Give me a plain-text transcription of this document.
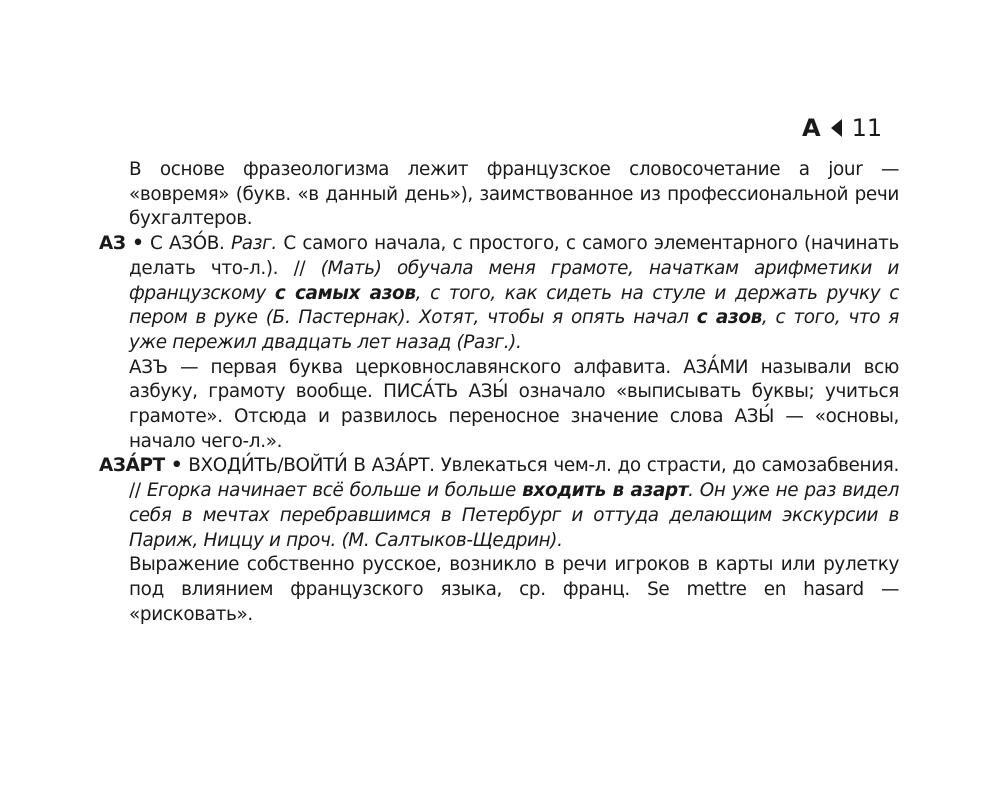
А 11

В основе фразеологизма лежит французское словосочетание a jour — «вовремя» (букв. «в данный день»), заимствованное из профессиональной речи бухгалтеров.

АЗ • С АЗО́В. Разг. С самого начала, с простого, с самого элементарного (начинать делать что-л.). // (Мать) обучала меня грамоте, начаткам арифметики и французскому с самых азов, с того, как сидеть на стуле и держать ручку с пером в руке (Б. Пастернак). Хотят, чтобы я опять начал с азов, с того, что я уже пережил двадцать лет назад (Разг.).
АЗЪ — первая буква церковнославянского алфавита. АЗА́МИ называли всю азбуку, грамоту вообще. ПИСА́ТЬ АЗЫ́ означало «выписывать буквы; учиться грамоте». Отсюда и развилось переносное значение слова АЗЫ́ — «основы, начало чего-л.».

АЗА́РТ • ВХОДИ́ТЬ/ВОЙТИ́ В АЗА́РТ. Увлекаться чем-л. до страсти, до самозабвения. // Егорка начинает всё больше и больше входить в азарт. Он уже не раз видел себя в мечтах перебравшимся в Петербург и оттуда делающим экскурсии в Париж, Ниццу и проч. (М. Салтыков-Щедрин).
Выражение собственно русское, возникло в речи игроков в карты или рулетку под влиянием французского языка, ср. франц. Se mettre en hasard — «рисковать».
